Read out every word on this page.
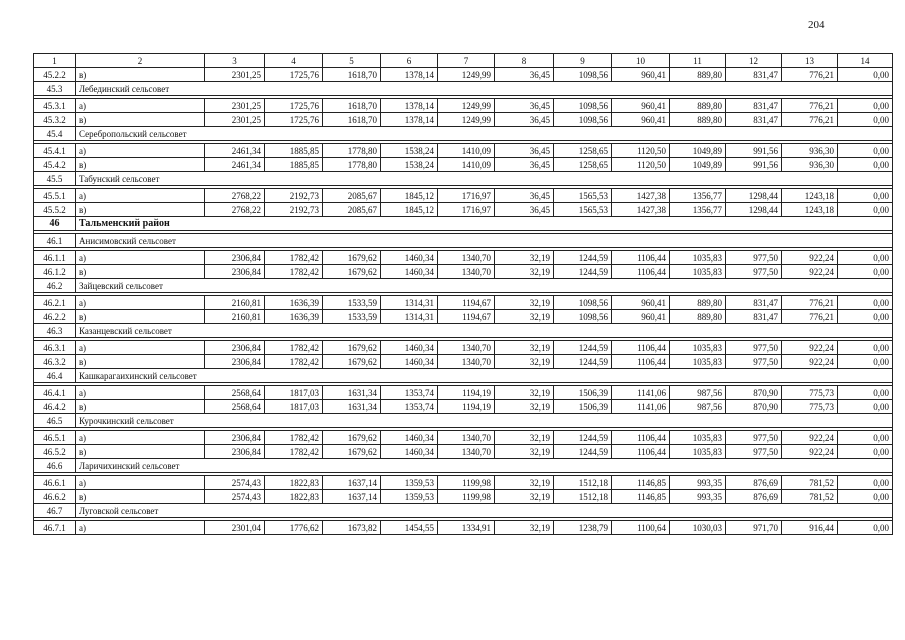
204
1	2	3	4	5	6	7	8	9	10	11	12	13	14
45.2.2	в)	2301,25	1725,76	1618,70	1378,14	1249,99	36,45	1098,56	960,41	889,80	831,47	776,21	0,00
45.3	Лебединский сельсовет												

45.3.1	а)	2301,25	1725,76	1618,70	1378,14	1249,99	36,45	1098,56	960,41	889,80	831,47	776,21	0,00
45.3.2	в)	2301,25	1725,76	1618,70	1378,14	1249,99	36,45	1098,56	960,41	889,80	831,47	776,21	0,00
45.4	Серебропольский сельсовет												

45.4.1	а)	2461,34	1885,85	1778,80	1538,24	1410,09	36,45	1258,65	1120,50	1049,89	991,56	936,30	0,00
45.4.2	в)	2461,34	1885,85	1778,80	1538,24	1410,09	36,45	1258,65	1120,50	1049,89	991,56	936,30	0,00
45.5	Табунский сельсовет												

45.5.1	а)	2768,22	2192,73	2085,67	1845,12	1716,97	36,45	1565,53	1427,38	1356,77	1298,44	1243,18	0,00
45.5.2	в)	2768,22	2192,73	2085,67	1845,12	1716,97	36,45	1565,53	1427,38	1356,77	1298,44	1243,18	0,00
46	Тальменский район												

46.1	Анисимовский сельсовет												

46.1.1	а)	2306,84	1782,42	1679,62	1460,34	1340,70	32,19	1244,59	1106,44	1035,83	977,50	922,24	0,00
46.1.2	в)	2306,84	1782,42	1679,62	1460,34	1340,70	32,19	1244,59	1106,44	1035,83	977,50	922,24	0,00
46.2	Зайцевский сельсовет												

46.2.1	а)	2160,81	1636,39	1533,59	1314,31	1194,67	32,19	1098,56	960,41	889,80	831,47	776,21	0,00
46.2.2	в)	2160,81	1636,39	1533,59	1314,31	1194,67	32,19	1098,56	960,41	889,80	831,47	776,21	0,00
46.3	Казанцевский сельсовет												

46.3.1	а)	2306,84	1782,42	1679,62	1460,34	1340,70	32,19	1244,59	1106,44	1035,83	977,50	922,24	0,00
46.3.2	в)	2306,84	1782,42	1679,62	1460,34	1340,70	32,19	1244,59	1106,44	1035,83	977,50	922,24	0,00
46.4	Кашкарагаихинский сельсовет												

46.4.1	а)	2568,64	1817,03	1631,34	1353,74	1194,19	32,19	1506,39	1141,06	987,56	870,90	775,73	0,00
46.4.2	в)	2568,64	1817,03	1631,34	1353,74	1194,19	32,19	1506,39	1141,06	987,56	870,90	775,73	0,00
46.5	Курочкинский сельсовет												

46.5.1	а)	2306,84	1782,42	1679,62	1460,34	1340,70	32,19	1244,59	1106,44	1035,83	977,50	922,24	0,00
46.5.2	в)	2306,84	1782,42	1679,62	1460,34	1340,70	32,19	1244,59	1106,44	1035,83	977,50	922,24	0,00
46.6	Ларичихинский сельсовет												

46.6.1	а)	2574,43	1822,83	1637,14	1359,53	1199,98	32,19	1512,18	1146,85	993,35	876,69	781,52	0,00
46.6.2	в)	2574,43	1822,83	1637,14	1359,53	1199,98	32,19	1512,18	1146,85	993,35	876,69	781,52	0,00
46.7	Луговской сельсовет												

46.7.1	а)	2301,04	1776,62	1673,82	1454,55	1334,91	32,19	1238,79	1100,64	1030,03	971,70	916,44	0,00
